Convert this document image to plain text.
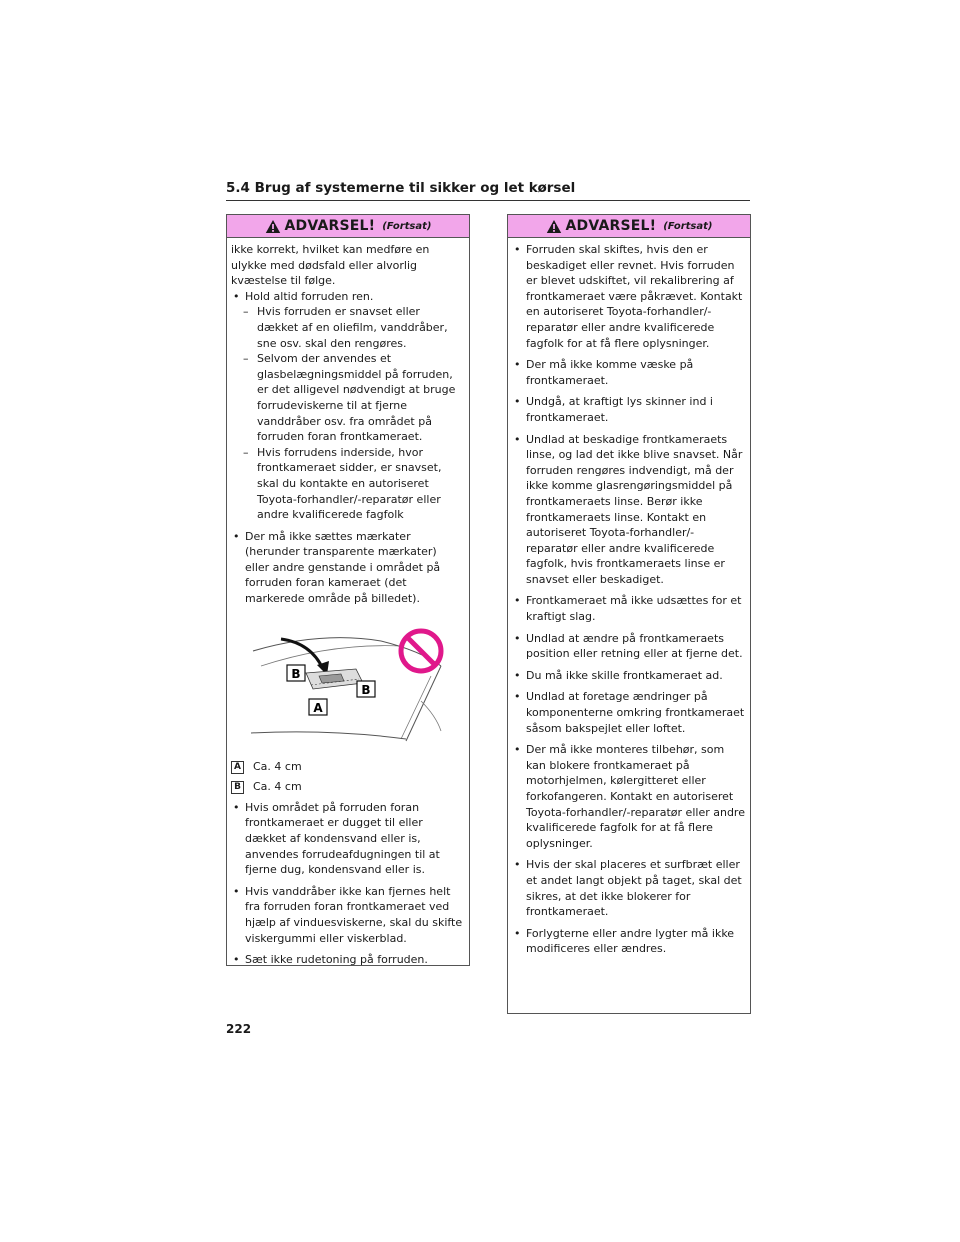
5.4 Brug af systemerne til sikker og let kørsel
ADVARSEL! (Fortsat)

ikke korrekt, hvilket kan medføre en ulykke med dødsfald eller alvorlig kvæstelse til følge.

• Hold altid forruden ren.
– Hvis forruden er snavset eller dækket af en oliefilm, vanddråber, sne osv. skal den rengøres.
– Selvom der anvendes et glasbelægningsmiddel på forruden, er det alligevel nødvendigt at bruge forrudeviskerne til at fjerne vanddråber osv. fra området på forruden foran frontkameraet.
– Hvis forrudens inderside, hvor frontkameraet sidder, er snavset, skal du kontakte en autoriseret Toyota-forhandler/-reparatør eller andre kvalificerede fagfolk
• Der må ikke sættes mærkater (herunder transparente mærkater) eller andre genstande i området på forruden foran kameraet (det markerede område på billedet).
B
B
A
A Ca. 4 cm
B Ca. 4 cm
• Hvis området på forruden foran frontkameraet er dugget til eller dækket af kondensvand eller is, anvendes forrudeafdugningen til at fjerne dug, kondensvand eller is.
• Hvis vanddråber ikke kan fjernes helt fra forruden foran frontkameraet ved hjælp af vinduesviskerne, skal du skifte viskergummi eller viskerblad.
• Sæt ikke rudetoning på forruden.
ADVARSEL! (Fortsat)
• Forruden skal skiftes, hvis den er beskadiget eller revnet. Hvis forruden er blevet udskiftet, vil rekalibrering af frontkameraet være påkrævet. Kontakt en autoriseret Toyota-forhandler/-reparatør eller andre kvalificerede fagfolk for at få flere oplysninger.
• Der må ikke komme væske på frontkameraet.
• Undgå, at kraftigt lys skinner ind i frontkameraet.
• Undlad at beskadige frontkameraets linse, og lad det ikke blive snavset. Når forruden rengøres indvendigt, må der ikke komme glasrengøringsmiddel på frontkameraets linse. Berør ikke frontkameraets linse. Kontakt en autoriseret Toyota-forhandler/-reparatør eller andre kvalificerede fagfolk, hvis frontkameraets linse er snavset eller beskadiget.
• Frontkameraet må ikke udsættes for et kraftigt slag.
• Undlad at ændre på frontkameraets position eller retning eller at fjerne det.
• Du må ikke skille frontkameraet ad.
• Undlad at foretage ændringer på komponenterne omkring frontkameraet såsom bakspejlet eller loftet.
• Der må ikke monteres tilbehør, som kan blokere frontkameraet på motorhjelmen, kølergitteret eller forkofangeren. Kontakt en autoriseret Toyota-forhandler/-reparatør eller andre kvalificerede fagfolk for at få flere oplysninger.
• Hvis der skal placeres et surfbræt eller et andet langt objekt på taget, skal det sikres, at det ikke blokerer for frontkameraet.
• Forlygterne eller andre lygter må ikke modificeres eller ændres.
222
